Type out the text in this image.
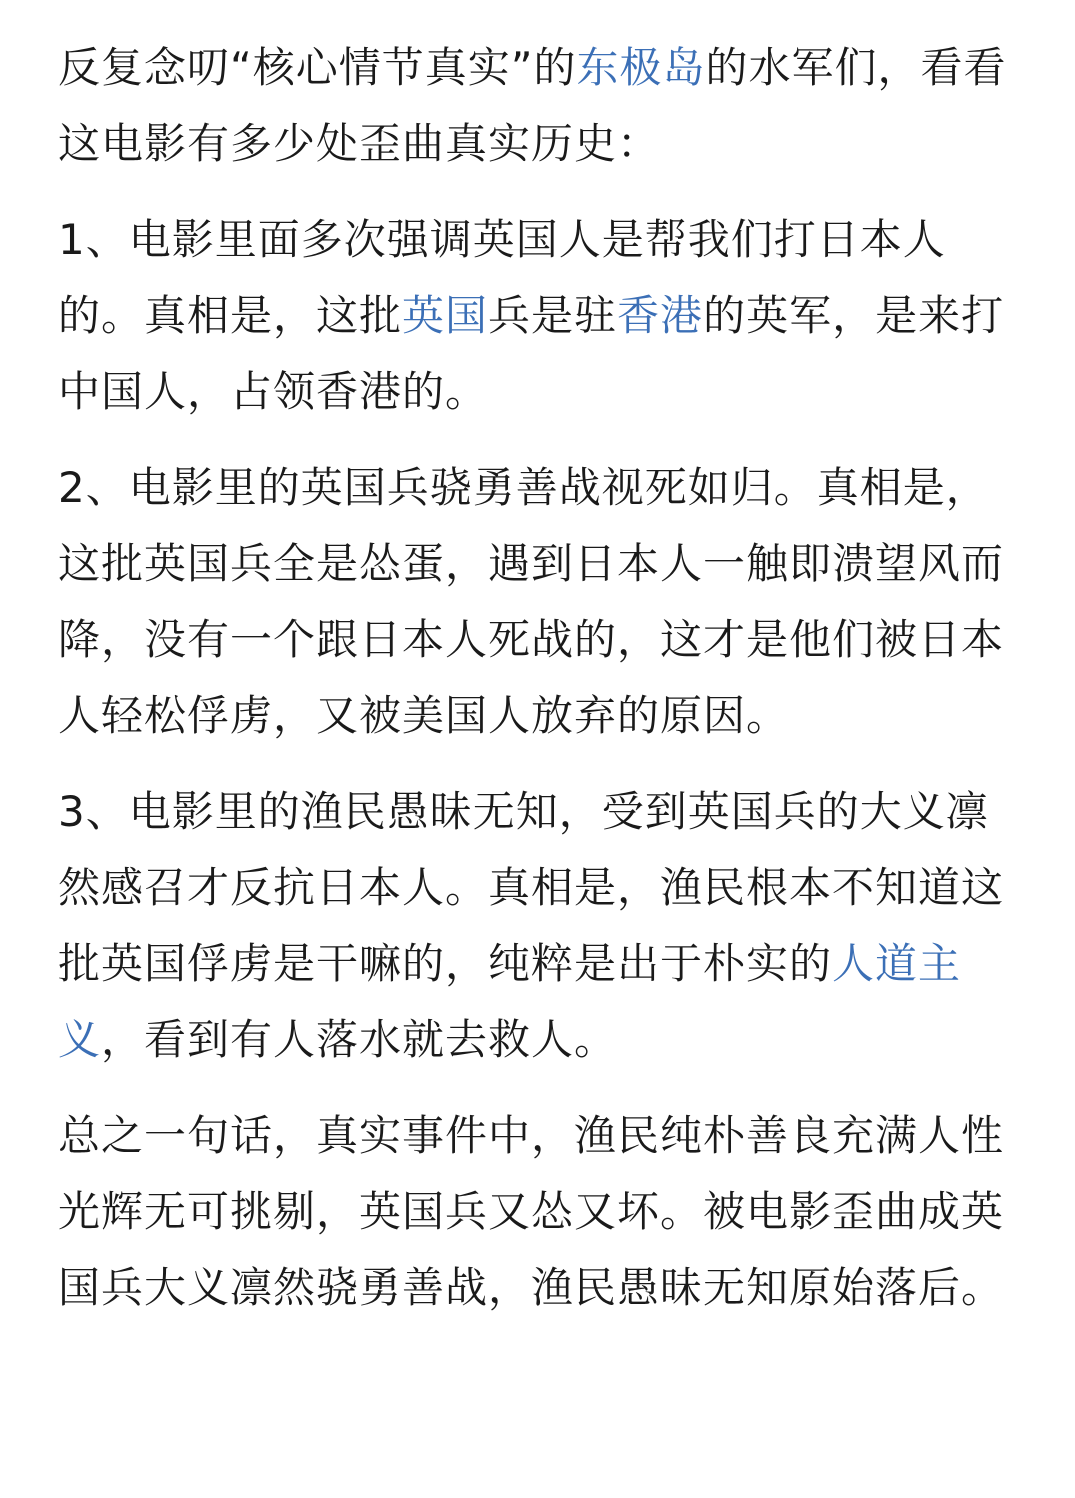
反复念叨“核心情节真实”的东极岛的水军们，看看这电影有多少处歪曲真实历史：

1、电影里面多次强调英国人是帮我们打日本人的。真相是，这批英国兵是驻香港的英军，是来打中国人，占领香港的。

2、电影里的英国兵骁勇善战视死如归。真相是，这批英国兵全是怂蛋，遇到日本人一触即溃望风而降，没有一个跟日本人死战的，这才是他们被日本人轻松俘虏，又被美国人放弃的原因。

3、电影里的渔民愚昧无知，受到英国兵的大义凛然感召才反抗日本人。真相是，渔民根本不知道这批英国俘虏是干嘛的，纯粹是出于朴实的人道主义，看到有人落水就去救人。

总之一句话，真实事件中，渔民纯朴善良充满人性光辉无可挑剔，英国兵又怂又坏。被电影歪曲成英国兵大义凛然骁勇善战，渔民愚昧无知原始落后。
